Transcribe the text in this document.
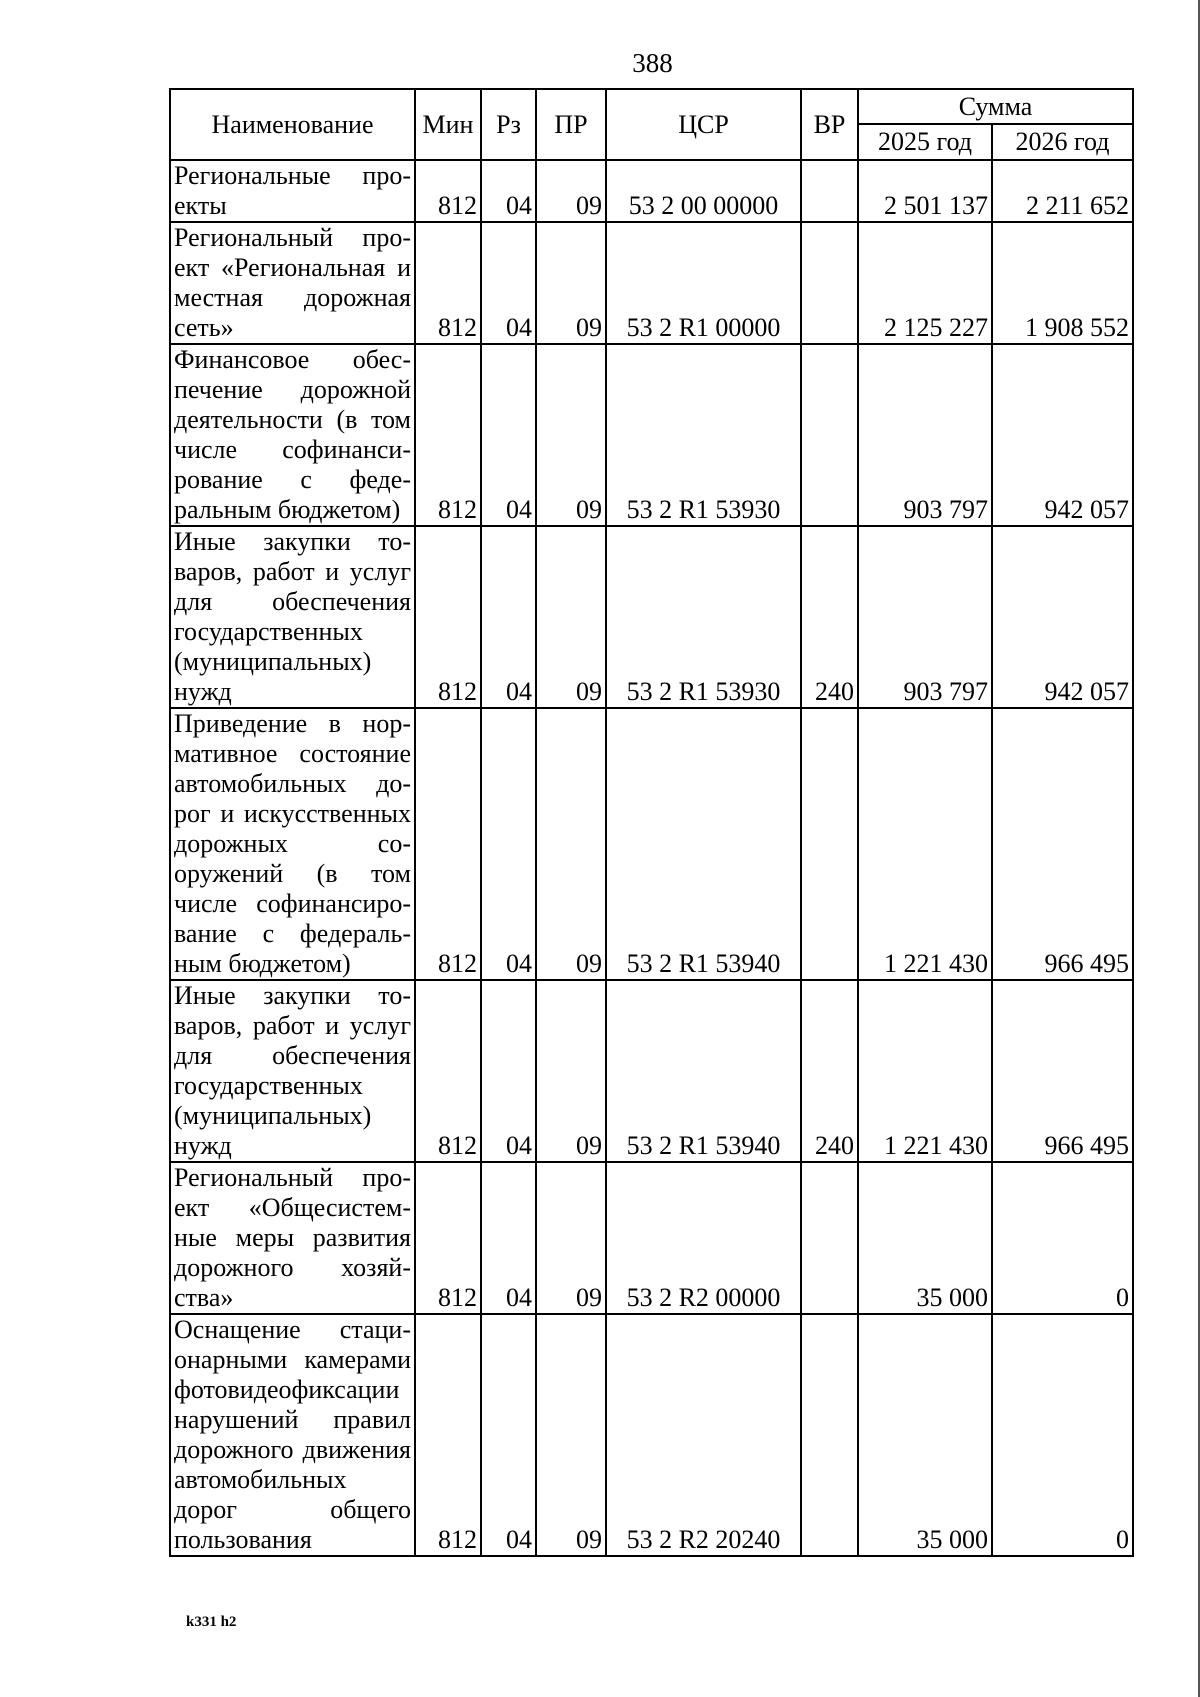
388
Наименование	Мин	Рз	ПР	ЦСР	ВР	Сумма	
						2025 год	2026 год
Региональные проекты	812	04	09	53 2 00 00000		2 501 137	2 211 652
Региональный проект «Региональная и местная дорожная сеть»	812	04	09	53 2 R1 00000		2 125 227	1 908 552
Финансовое обеспечение дорожной деятельности (в том числе софинансирование с федеральным бюджетом)	812	04	09	53 2 R1 53930		903 797	942 057
Иные закупки товаров, работ и услуг для обеспечения государственных (муниципальных) нужд	812	04	09	53 2 R1 53930	240	903 797	942 057
Приведение в нормативное состояние автомобильных дорог и искусственных дорожных сооружений (в том числе софинансирование с федеральным бюджетом)	812	04	09	53 2 R1 53940		1 221 430	966 495
Иные закупки товаров, работ и услуг для обеспечения государственных (муниципальных) нужд	812	04	09	53 2 R1 53940	240	1 221 430	966 495
Региональный проект «Общесистемные меры развития дорожного хозяйства»	812	04	09	53 2 R2 00000		35 000	0
Оснащение стационарными камерами фотовидеофиксации нарушений правил дорожного движения автомобильных дорог общего пользования	812	04	09	53 2 R2 20240		35 000	0
k331 h2
